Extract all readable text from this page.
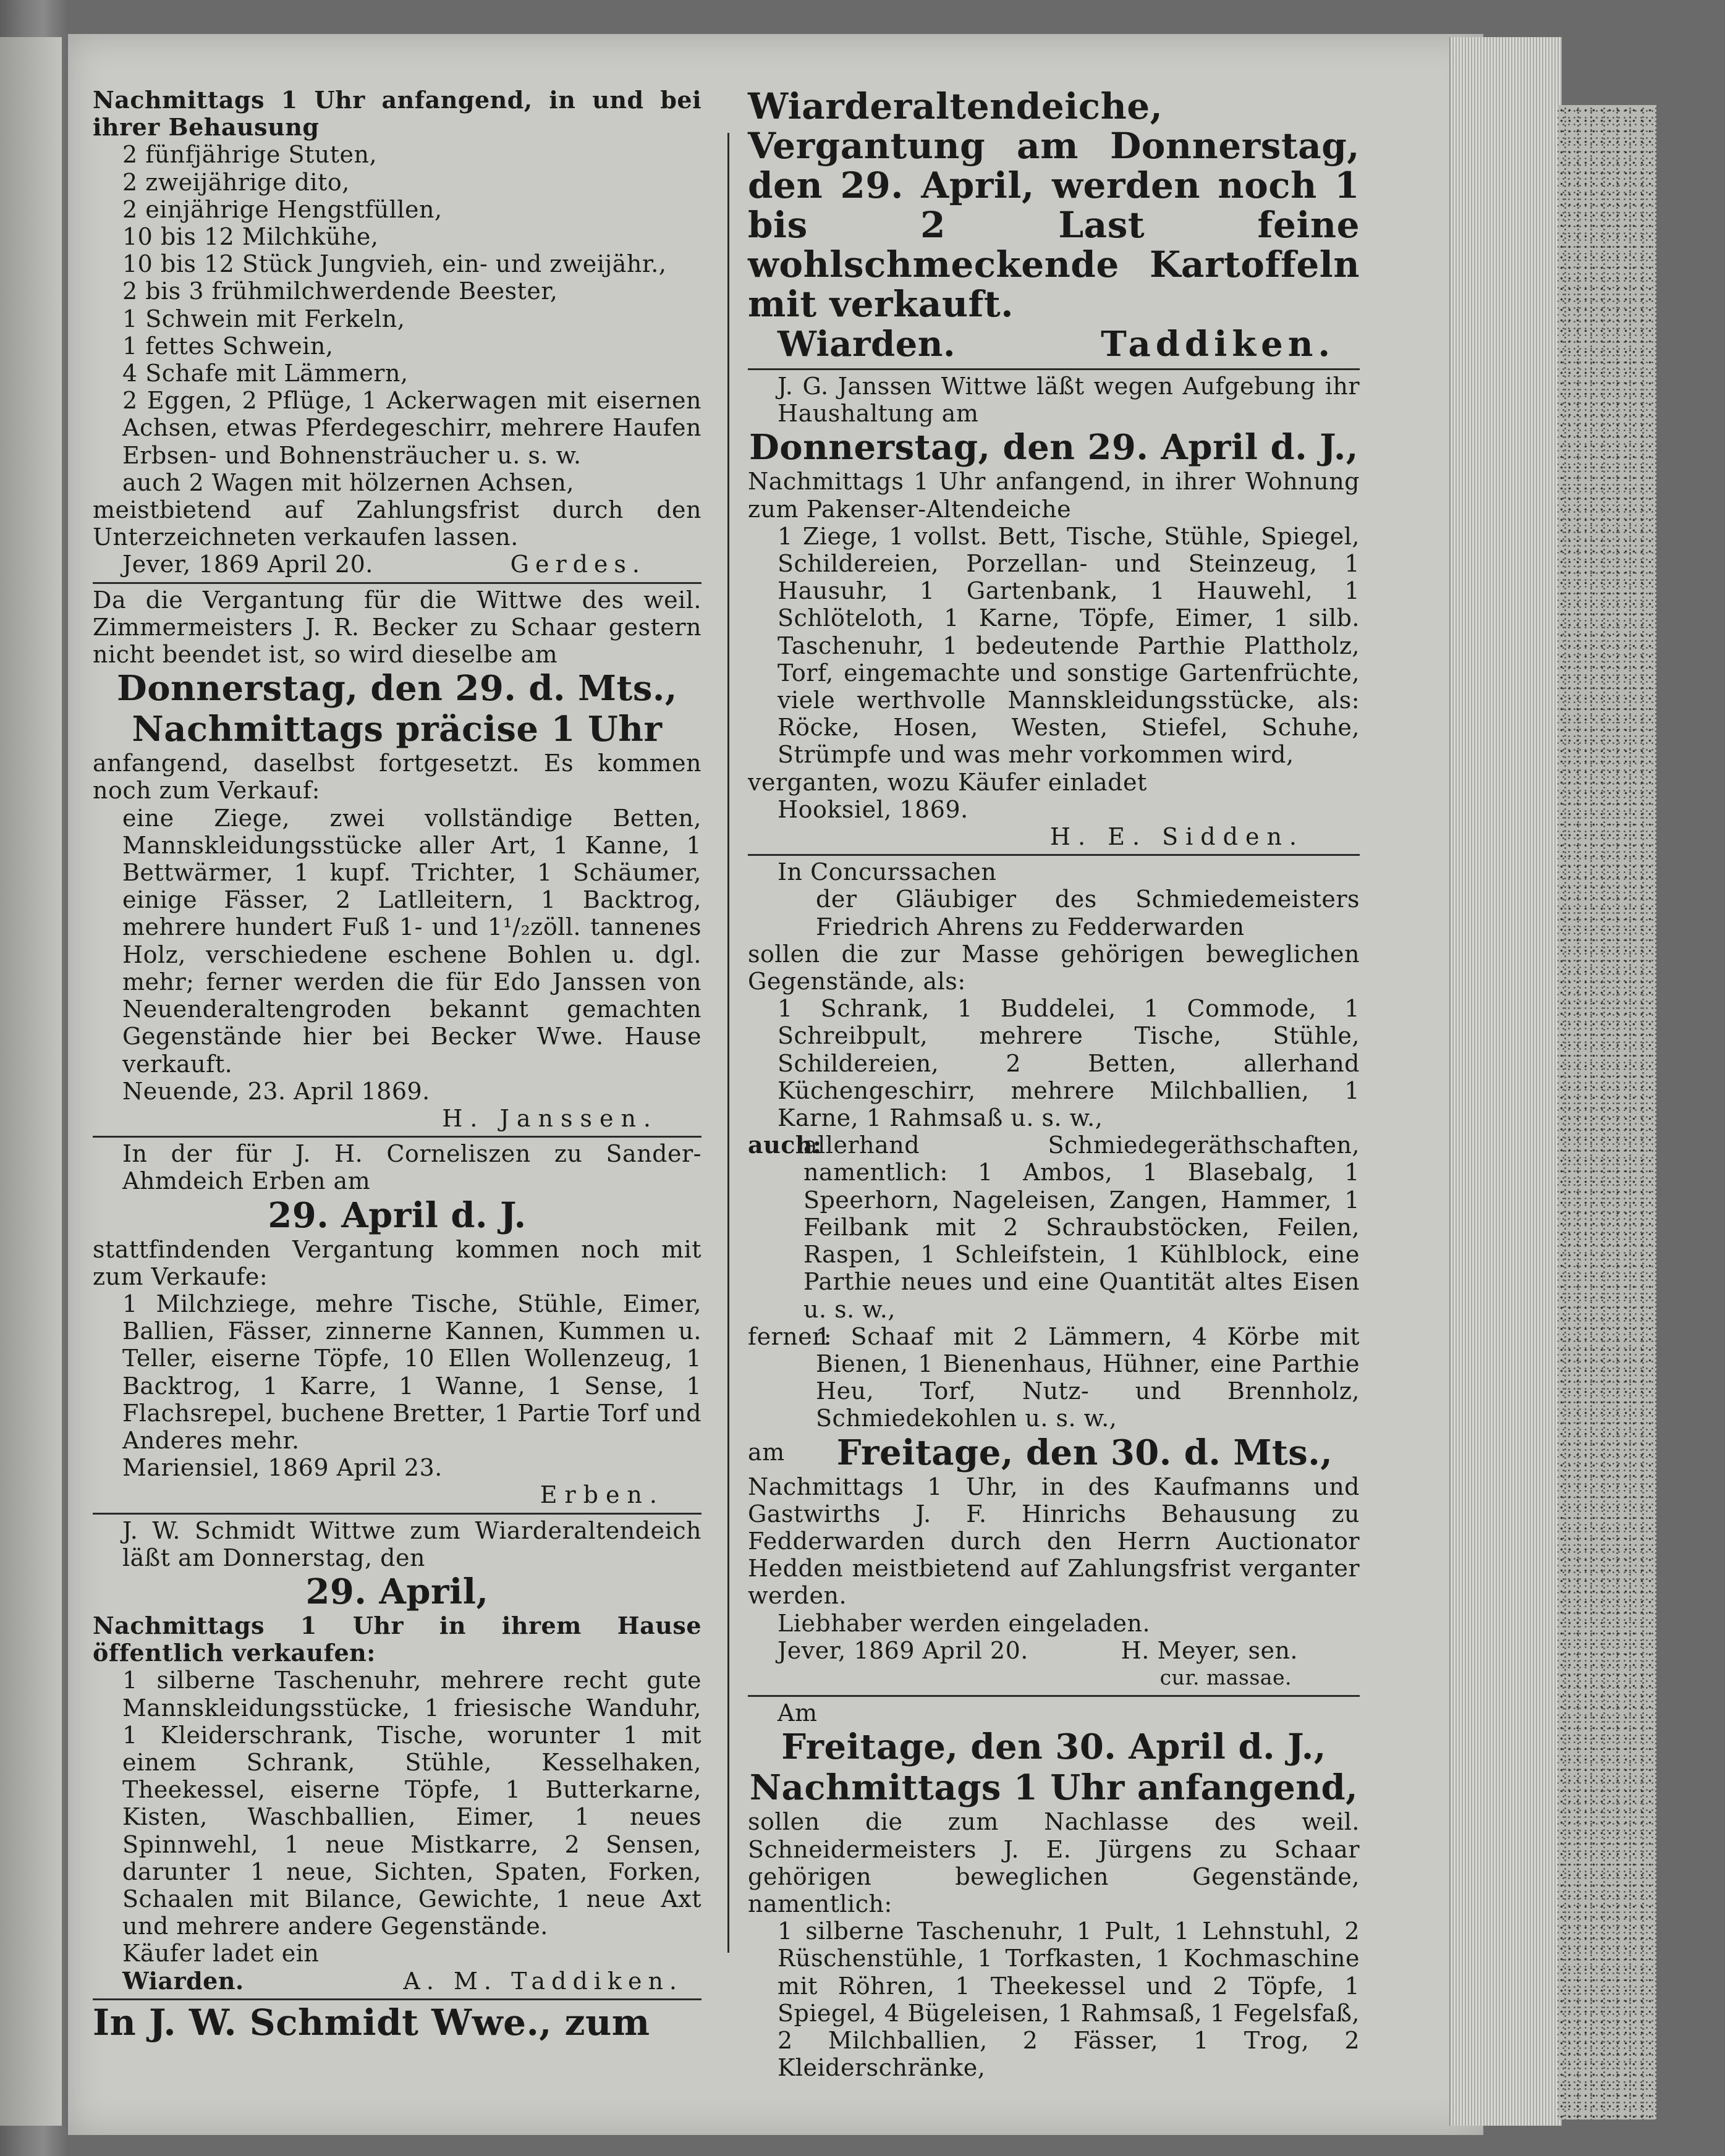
Nachmittags 1 Uhr anfangend, in und bei ihrer Behausung

2 fünfjährige Stuten,

2 zweijährige dito,

2 einjährige Hengstfüllen,

10 bis 12 Milchkühe,

10 bis 12 Stück Jungvieh, ein- und zweijähr.,

2 bis 3 frühmilchwerdende Beester,

1 Schwein mit Ferkeln,

1 fettes Schwein,

4 Schafe mit Lämmern,

2 Eggen, 2 Pflüge, 1 Ackerwagen mit eisernen Achsen, etwas Pferdegeschirr, mehrere Haufen Erbsen- und Bohnensträucher u. s. w.

auch 2 Wagen mit hölzernen Achsen,

meistbietend auf Zahlungsfrist durch den Unterzeichneten verkaufen lassen.

Jever, 1869 April 20.	Gerdes.

Da die Vergantung für die Wittwe des weil. Zimmermeisters J. R. Becker zu Schaar gestern nicht beendet ist, so wird dieselbe am

Donnerstag, den 29. d. Mts.,

Nachmittags präcise 1 Uhr

anfangend, daselbst fortgesetzt. Es kommen noch zum Verkauf:

eine Ziege, zwei vollständige Betten, Mannskleidungsstücke aller Art, 1 Kanne, 1 Bettwärmer, 1 kupf. Trichter, 1 Schäumer, einige Fässer, 2 Latlleitern, 1 Backtrog, mehrere hundert Fuß 1- und 1¹/₂zöll. tannenes Holz, verschiedene eschene Bohlen u. dgl. mehr; ferner werden die für Edo Janssen von Neuenderaltengroden bekannt gemachten Gegenstände hier bei Becker Wwe. Hause verkauft.

Neuende, 23. April 1869.

H. Janssen.

In der für J. H. Corneliszen zu Sander-Ahmdeich Erben am

29. April d. J.

stattfindenden Vergantung kommen noch mit zum Verkaufe:

1 Milchziege, mehre Tische, Stühle, Eimer, Ballien, Fässer, zinnerne Kannen, Kummen u. Teller, eiserne Töpfe, 10 Ellen Wollenzeug, 1 Backtrog, 1 Karre, 1 Wanne, 1 Sense, 1 Flachsrepel, buchene Bretter, 1 Partie Torf und Anderes mehr.

Mariensiel, 1869 April 23.

Erben.

J. W. Schmidt Wittwe zum Wiarderaltendeich läßt am Donnerstag, den

29. April,

Nachmittags 1 Uhr in ihrem Hause öffentlich verkaufen:

1 silberne Taschenuhr, mehrere recht gute Mannskleidungsstücke, 1 friesische Wanduhr, 1 Kleiderschrank, Tische, worunter 1 mit einem Schrank, Stühle, Kesselhaken, Theekessel, eiserne Töpfe, 1 Butterkarne, Kisten, Waschballien, Eimer, 1 neues Spinnwehl, 1 neue Mistkarre, 2 Sensen, darunter 1 neue, Sichten, Spaten, Forken, Schaalen mit Bilance, Gewichte, 1 neue Axt und mehrere andere Gegenstände.

Käufer ladet ein

Wiarden.	A. M. Taddiken.

In J. W. Schmidt Wwe., zum

Wiarderaltendeiche, Vergantung am Donnerstag, den 29. April, werden noch 1 bis 2 Last feine wohlschmeckende Kartoffeln mit verkauft.

Wiarden.	Taddiken.

J. G. Janssen Wittwe läßt wegen Aufgebung ihr Haushaltung am

Donnerstag, den 29. April d. J.,

Nachmittags 1 Uhr anfangend, in ihrer Wohnung zum Pakenser-Altendeiche

1 Ziege, 1 vollst. Bett, Tische, Stühle, Spiegel, Schildereien, Porzellan- und Steinzeug, 1 Hausuhr, 1 Gartenbank, 1 Hauwehl, 1 Schlöteloth, 1 Karne, Töpfe, Eimer, 1 silb. Taschenuhr, 1 bedeutende Parthie Plattholz, Torf, eingemachte und sonstige Gartenfrüchte, viele werthvolle Mannskleidungsstücke, als: Röcke, Hosen, Westen, Stiefel, Schuhe, Strümpfe und was mehr vorkommen wird,

verganten, wozu Käufer einladet

Hooksiel, 1869.

H. E. Sidden.

In Concurssachen

der Gläubiger des Schmiedemeisters Friedrich Ahrens zu Fedderwarden

sollen die zur Masse gehörigen beweglichen Gegenstände, als:

1 Schrank, 1 Buddelei, 1 Commode, 1 Schreibpult, mehrere Tische, Stühle, Schildereien, 2 Betten, allerhand Küchengeschirr, mehrere Milchballien, 1 Karne, 1 Rahmsaß u. s. w.,

auch:
allerhand Schmiedegeräthschaften, namentlich: 1 Ambos, 1 Blasebalg, 1 Speerhorn, Nageleisen, Zangen, Hammer, 1 Feilbank mit 2 Schraubstöcken, Feilen, Raspen, 1 Schleifstein, 1 Kühlblock, eine Parthie neues und eine Quantität altes Eisen u. s. w.,
ferner:
1 Schaaf mit 2 Lämmern, 4 Körbe mit Bienen, 1 Bienenhaus, Hühner, eine Parthie Heu, Torf, Nutz- und Brennholz, Schmiedekohlen u. s. w.,
am	Freitage, den 30. d. Mts.,

Nachmittags 1 Uhr, in des Kaufmanns und Gastwirths J. F. Hinrichs Behausung zu Fedderwarden durch den Herrn Auctionator Hedden meistbietend auf Zahlungsfrist verganter werden.

Liebhaber werden eingeladen.

Jever, 1869 April 20.	H. Meyer, sen.

cur. massae.

Am

Freitage, den 30. April d. J.,

Nachmittags 1 Uhr anfangend,

sollen die zum Nachlasse des weil. Schneidermeisters J. E. Jürgens zu Schaar gehörigen beweglichen Gegenstände, namentlich:

1 silberne Taschenuhr, 1 Pult, 1 Lehnstuhl, 2 Rüschenstühle, 1 Torfkasten, 1 Kochmaschine mit Röhren, 1 Theekessel und 2 Töpfe, 1 Spiegel, 4 Bügeleisen, 1 Rahmsaß, 1 Fegelsfaß, 2 Milchballien, 2 Fässer, 1 Trog, 2 Kleiderschränke,
